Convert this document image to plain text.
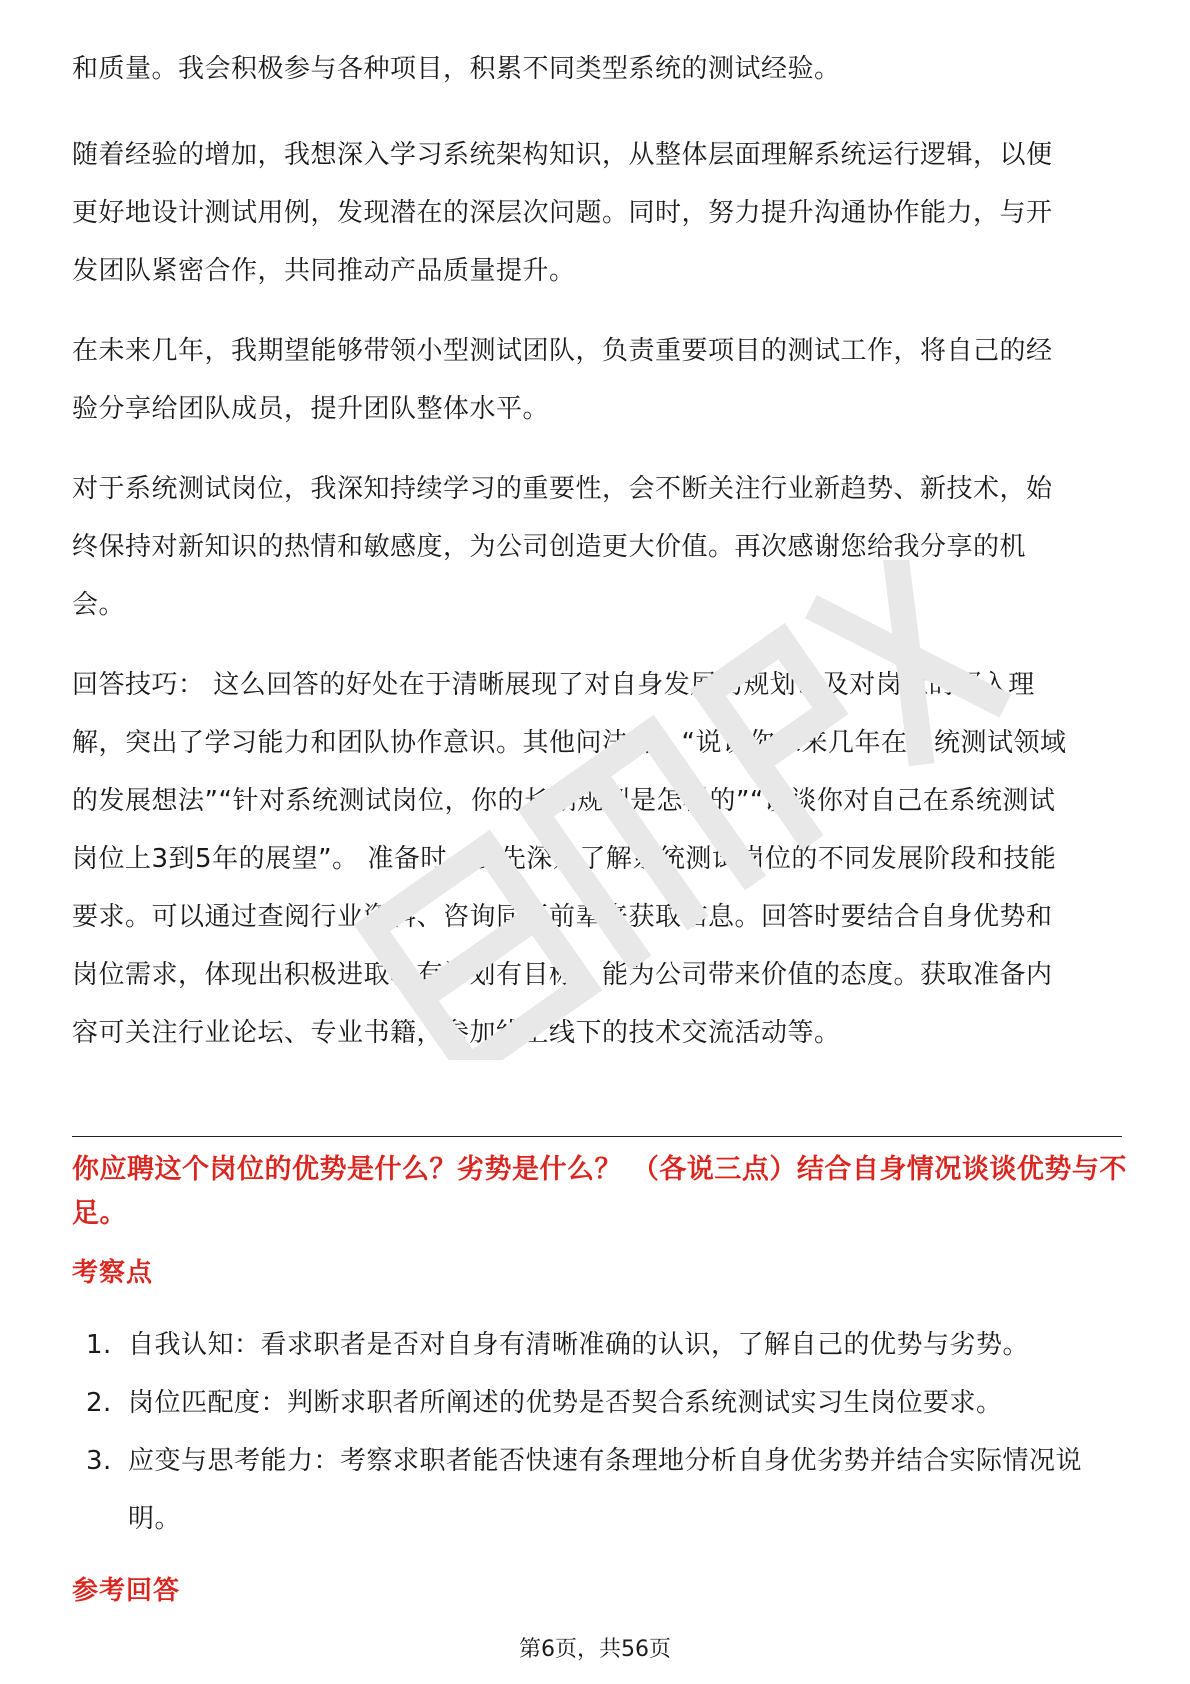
和质量。我会积极参与各种项目，积累不同类型系统的测试经验。

随着经验的增加，我想深入学习系统架构知识，从整体层面理解系统运行逻辑，以便更好地设计测试用例，发现潜在的深层次问题。同时，努力提升沟通协作能力，与开发团队紧密合作，共同推动产品质量提升。

在未来几年，我期望能够带领小型测试团队，负责重要项目的测试工作，将自己的经验分享给团队成员，提升团队整体水平。

对于系统测试岗位，我深知持续学习的重要性，会不断关注行业新趋势、新技术，始终保持对新知识的热情和敏感度，为公司创造更大价值。再次感谢您给我分享的机会。

回答技巧： 这么回答的好处在于清晰展现了对自身发展的规划以及对岗位的深入理解，突出了学习能力和团队协作意识。其他问法有：“说说你未来几年在系统测试领域的发展想法”“针对系统测试岗位，你的长期规划是怎样的”“谈谈你对自己在系统测试岗位上3到5年的展望”。 准备时，要先深入了解系统测试岗位的不同发展阶段和技能要求。可以通过查阅行业资料、咨询同行前辈来获取信息。回答时要结合自身优势和岗位需求，体现出积极进取、有计划有目标、能为公司带来价值的态度。获取准备内容可关注行业论坛、专业书籍，参加线上线下的技术交流活动等。

你应聘这个岗位的优势是什么？劣势是什么？ （各说三点）结合自身情况谈谈优势与不足。
考察点
1. 自我认知：看求职者是否对自身有清晰准确的认识，了解自己的优势与劣势。
2. 岗位匹配度：判断求职者所阐述的优势是否契合系统测试实习生岗位要求。
3. 应变与思考能力：考察求职者能否快速有条理地分析自身优劣势并结合实际情况说明。
参考回答
第6页，共56页
